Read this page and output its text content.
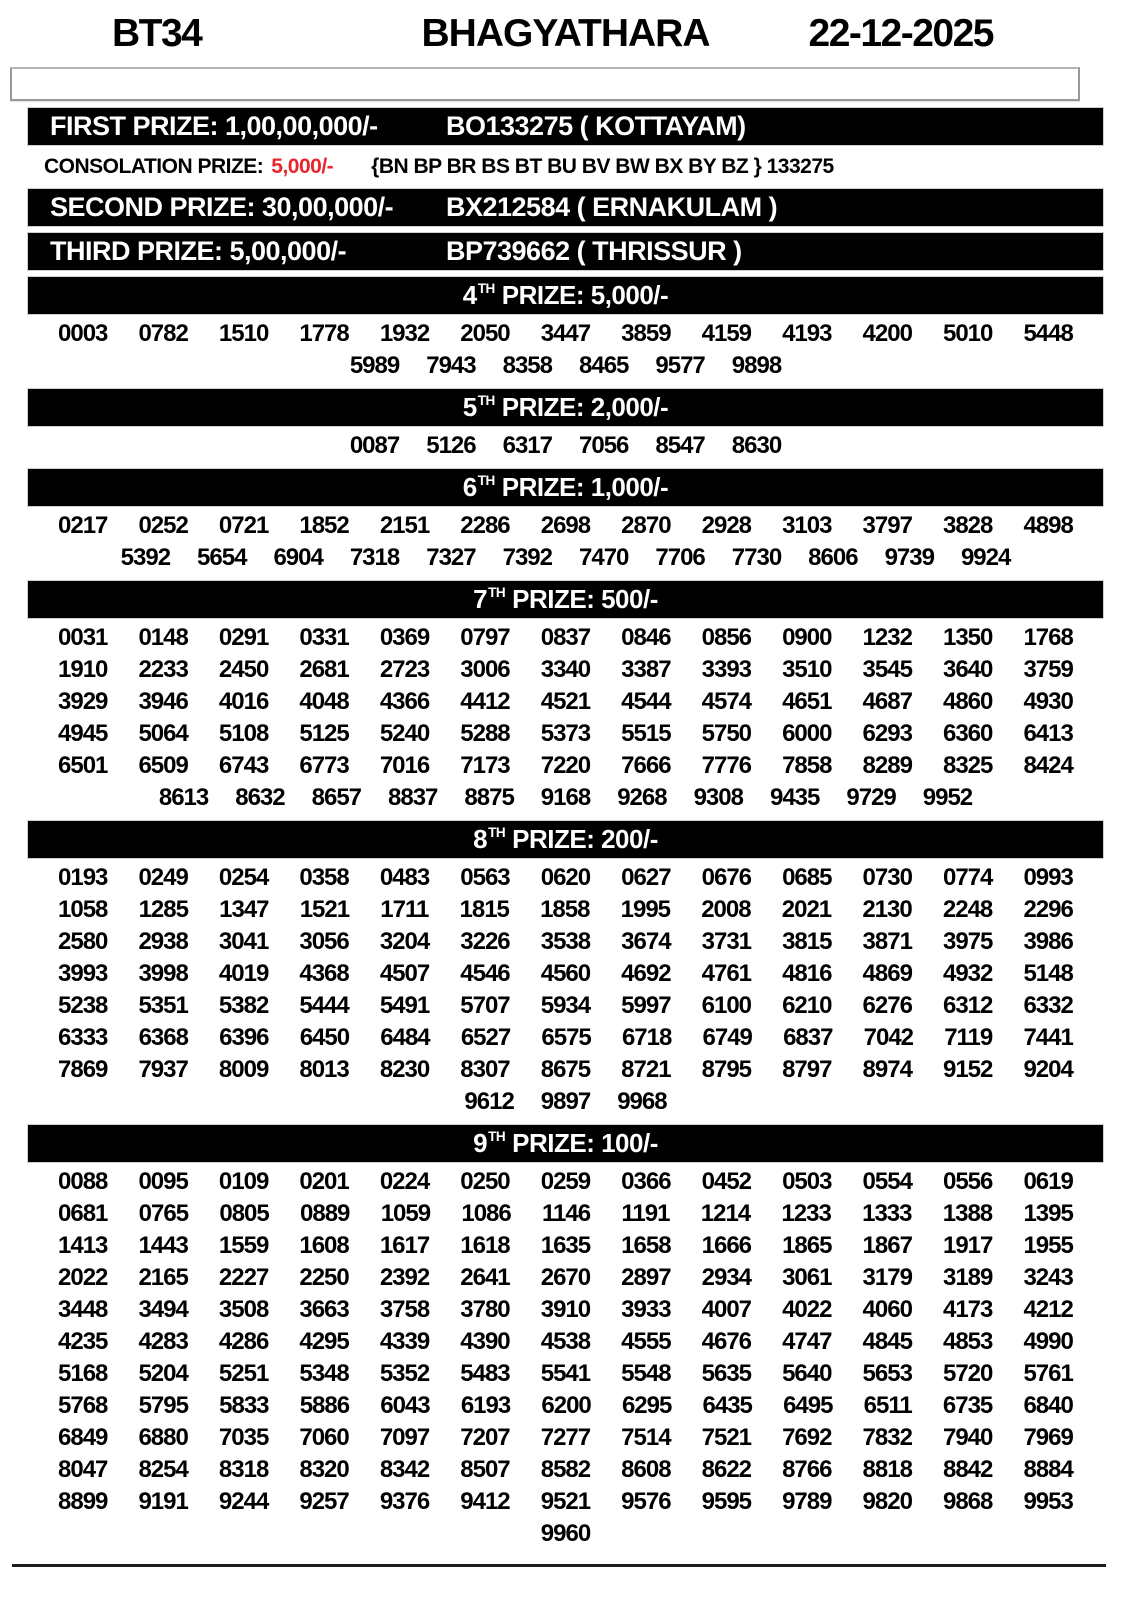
BT34	BHAGYATHARA	22-12-2025
FIRST PRIZE: 1,00,00,000/-	BO133275 ( KOTTAYAM)
CONSOLATION PRIZE: 5,000/- {BN BP BR BS BT BU BV BW BX BY BZ } 133275
SECOND PRIZE: 30,00,000/- BX212584 ( ERNAKULAM )
THIRD PRIZE: 5,00,000/-	BP739662 ( THRISSUR )
4 TH PRIZE: 5,000/-
0003 0782 1510 1778 1932 2050 3447 3859 4159 4193 4200 5010 5448
5989 7943 8358 8465 9577 9898
5 TH PRIZE: 2,000/-
0087 5126 6317 7056 8547 8630
6 TH PRIZE: 1,000/-
0217 0252 0721 1852 2151 2286 2698 2870 2928 3103 3797 3828 4898
5392 5654 6904 7318 7327 7392 7470 7706 7730 8606 9739 9924
7 TH PRIZE: 500/-
0031 0148 0291 0331 0369 0797 0837 0846 0856 0900 1232 1350 1768
1910 2233 2450 2681 2723 3006 3340 3387 3393 3510 3545 3640 3759
3929 3946 4016 4048 4366 4412 4521 4544 4574 4651 4687 4860 4930
4945 5064 5108 5125 5240 5288 5373 5515 5750 6000 6293 6360 6413
6501 6509 6743 6773 7016 7173 7220 7666 7776 7858 8289 8325 8424
8613 8632 8657 8837 8875 9168 9268 9308 9435 9729 9952
8 TH PRIZE: 200/-
0193 0249 0254 0358 0483 0563 0620 0627 0676 0685 0730 0774 0993
1058 1285 1347 1521 1711 1815 1858 1995 2008 2021 2130 2248 2296
2580 2938 3041 3056 3204 3226 3538 3674 3731 3815 3871 3975 3986
3993 3998 4019 4368 4507 4546 4560 4692 4761 4816 4869 4932 5148
5238 5351 5382 5444 5491 5707 5934 5997 6100 6210 6276 6312 6332
6333 6368 6396 6450 6484 6527 6575 6718 6749 6837 7042 7119 7441
7869 7937 8009 8013 8230 8307 8675 8721 8795 8797 8974 9152 9204
9612 9897 9968
9 TH PRIZE: 100/-
0088 0095 0109 0201 0224 0250 0259 0366 0452 0503 0554 0556 0619
0681 0765 0805 0889 1059 1086 1146 1191 1214 1233 1333 1388 1395
1413 1443 1559 1608 1617 1618 1635 1658 1666 1865 1867 1917 1955
2022 2165 2227 2250 2392 2641 2670 2897 2934 3061 3179 3189 3243
3448 3494 3508 3663 3758 3780 3910 3933 4007 4022 4060 4173 4212
4235 4283 4286 4295 4339 4390 4538 4555 4676 4747 4845 4853 4990
5168 5204 5251 5348 5352 5483 5541 5548 5635 5640 5653 5720 5761
5768 5795 5833 5886 6043 6193 6200 6295 6435 6495 6511 6735 6840
6849 6880 7035 7060 7097 7207 7277 7514 7521 7692 7832 7940 7969
8047 8254 8318 8320 8342 8507 8582 8608 8622 8766 8818 8842 8884
8899 9191 9244 9257 9376 9412 9521 9576 9595 9789 9820 9868 9953
9960
